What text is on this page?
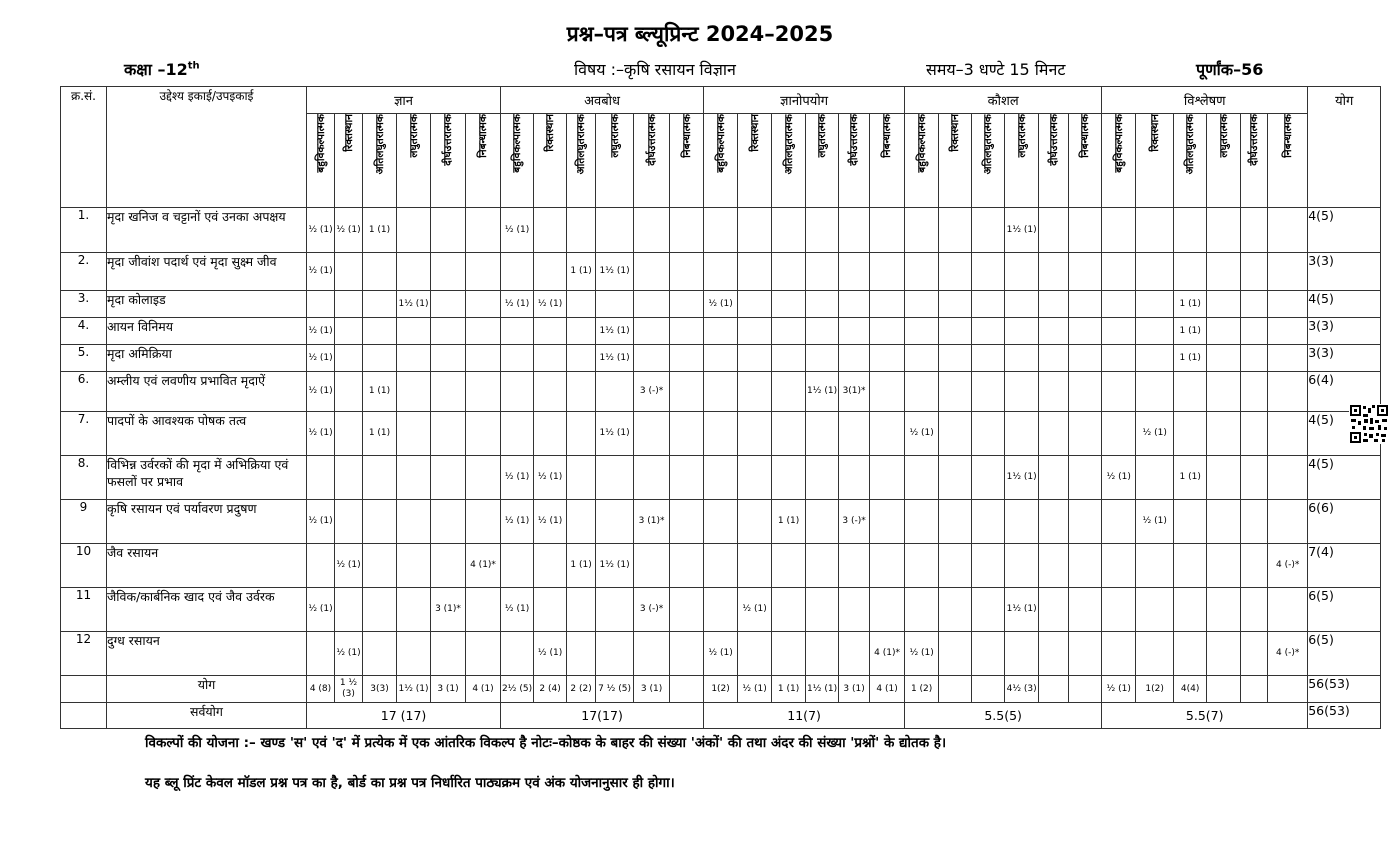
प्रश्न–पत्र ब्ल्यूप्रिन्ट 2024–2025
कक्षा –12th	विषय :–कृषि रसायन विज्ञान	समय–3 धण्टे 15 मिनट	पूर्णांक–56
क्र.सं.	उद्देश्य इकाई/उपइकाई	ज्ञान						अवबोध						ज्ञानोपयोग						कौशल						विश्लेषण						योग
		बहुविकल्पात्मक	रिक्तस्थान	अतिलघुतरात्मक	लघुतरात्मक	दीर्घउत्तरात्मक	निबन्धात्मक	बहुविकल्पात्मक	रिक्तस्थान	अतिलघुतरात्मक	लघुतरात्मक	दीर्घउत्तरात्मक	निबन्धात्मक	बहुविकल्पात्मक	रिक्तस्थान	अतिलघुतरात्मक	लघुतरात्मक	दीर्घउत्तरात्मक	निबन्धात्मक	बहुविकल्पात्मक	रिक्तस्थान	अतिलघुतरात्मक	लघुतरात्मक	दीर्घउत्तरात्मक	निबन्धात्मक	बहुविकल्पात्मक	रिक्तस्थान	अतिलघुतरात्मक	लघुतरात्मक	दीर्घउत्तरात्मक	निबन्धात्मक	
1.	मृदा खनिज व चट्टानों एवं उनका अपक्षय	½ (1)	½ (1)	1 (1)				½ (1)															1½ (1)									4(5)
2.	मृदा जीवांश पदार्थ एवं मृदा सुक्ष्म जीव	½ (1)								1 (1)	1½ (1)																					3(3)
3.	मृदा कोलाइड				1½ (1)			½ (1)	½ (1)					½ (1)														1 (1)				4(5)
4.	आयन विनिमय	½ (1)									1½ (1)																	1 (1)				3(3)
5.	मृदा अमिक्रिया	½ (1)									1½ (1)																	1 (1)				3(3)
6.	अम्लीय एवं लवणीय प्रभावित मृदाऐं	½ (1)		1 (1)								3 (-)*					1½ (1)	3(1)*														6(4)
7.	पादपों के आवश्यक पोषक तत्व	½ (1)		1 (1)							1½ (1)									½ (1)							½ (1)					4(5)
8.	विभिन्न उर्वरकों की मृदा में अभिक्रिया एवं फसलों पर प्रभाव							½ (1)	½ (1)														1½ (1)			½ (1)		1 (1)				4(5)
9	कृषि रसायन एवं पर्यावरण प्रदुषण	½ (1)						½ (1)	½ (1)			3 (1)*				1 (1)		3 (-)*									½ (1)					6(6)
10	जैव रसायन		½ (1)				4 (1)*			1 (1)	1½ (1)																				4 (-)*	7(4)
11	जैविक/कार्बनिक खाद एवं जैव उर्वरक	½ (1)				3 (1)*		½ (1)				3 (-)*			½ (1)								1½ (1)									6(5)
12	दुग्ध रसायन		½ (1)						½ (1)					½ (1)					4 (1)*	½ (1)											4 (-)*	6(5)
	योग	4 (8)	1 ½ (3)	3(3)	1½ (1)	3 (1)	4 (1)	2½ (5)	2 (4)	2 (2)	7 ½ (5)	3 (1)		1(2)	½ (1)	1 (1)	1½ (1)	3 (1)	4 (1)	1 (2)			4½ (3)			½ (1)	1(2)	4(4)				56(53)
	सर्वयोग	17 (17)						17(17)						11(7)						5.5(5)						5.5(7)						56(53)
विकल्पों की योजना :– खण्ड 'स' एवं 'द' में प्रत्येक में एक आंतरिक विकल्प है नोटः–कोष्ठक के बाहर की संख्या 'अंकों' की तथा अंदर की संख्या 'प्रश्नों' के द्योतक है।
यह ब्लू प्रिंट केवल मॉडल प्रश्न पत्र का है, बोर्ड का प्रश्न पत्र निर्धारित पाठ्यक्रम एवं अंक योजनानुसार ही होगा।
